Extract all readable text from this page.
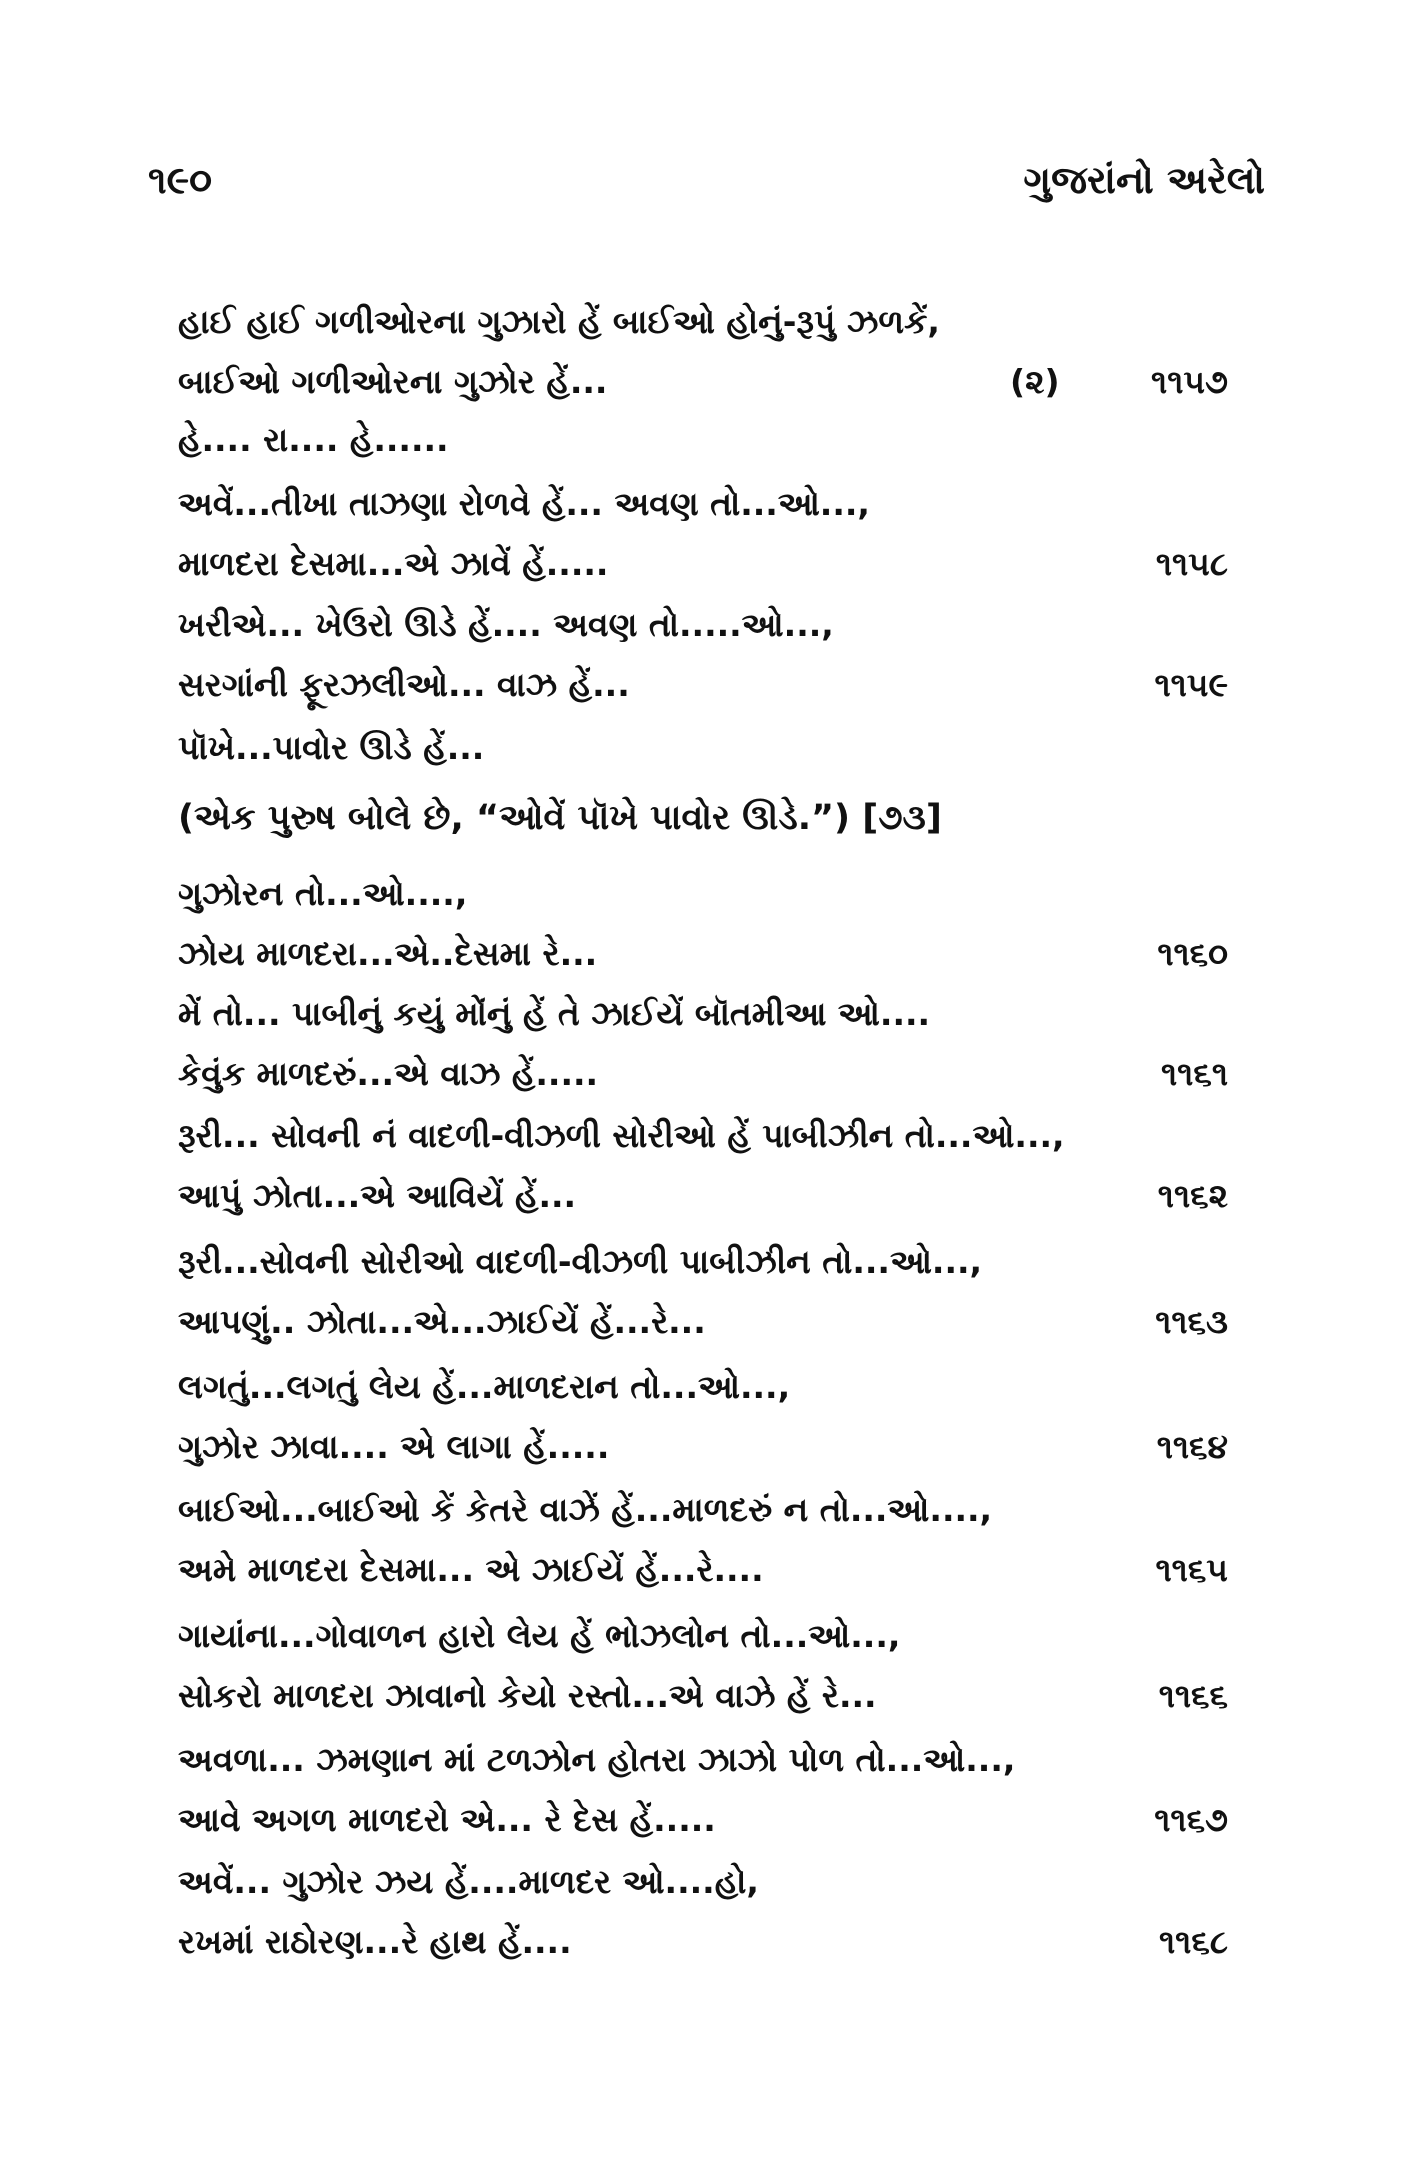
૧૯૦	ગુજરાંનો અરેલો
હાઈ હાઈ ગળીઓરના ગુઝારો હેં બાઈઓ હોનું-રૂપું ઝળકેં,
બાઈઓ ગળીઓરના ગુઝોર હેં...	(૨)	૧૧૫૭
હે.... રા.... હે......
અવેં...તીખા તાઝણા રોળવે હેં... અવણ તો...ઓ...,
માળદરા દેસમા...એ ઝાવેં હેં.....	૧૧૫૮
ખરીએ... ખેઉરો ઊડે હેં.... અવણ તો.....ઓ...,
સરગાંની ફૂરઝલીઓ... વાઝ હેં...	૧૧૫૯
પૉખે...પાવોર ઊડે હેં...
(એક પુરુષ બોલે છે, “ઓવેં પૉખે પાવોર ઊડે.”) [૭૩]
ગુઝોરન તો...ઓ....,
ઝોય માળદરા...એ..દેસમા રે...	૧૧૬૦
મેં તો... પાબીનું કયું મોંનું હેં તે ઝાઈયેં બૉતમીઆ ઓ....
કેવુંક માળદરું...એ વાઝ હેં.....	૧૧૬૧
રૂરી... સોવની નં વાદળી-વીઝળી સોરીઓ હેં પાબીઝીન તો...ઓ...,
આપું ઝોતા...એ આવિયેં હેં...	૧૧૬૨
રૂરી...સોવની સોરીઓ વાદળી-વીઝળી પાબીઝીન તો...ઓ...,
આપણું.. ઝોતા...એ...ઝાઈયેં હેં...રે...	૧૧૬૩
લગતું...લગતું લેય હેં...માળદરાન તો...ઓ...,
ગુઝોર ઝાવા.... એ લાગા હેં.....	૧૧૬૪
બાઈઓ...બાઈઓ કેં કેતરે વાઝેં હેં...માળદરું ન તો...ઓ....,
અમે માળદરા દેસમા... એ ઝાઈયેં હેં...રે....	૧૧૬૫
ગાયાંના...ગોવાળન હારો લેય હેં ભોઝલોન તો...ઓ...,
સોકરો માળદરા ઝાવાનો કેયો રસ્તો...એ વાઝે હેં રે...	૧૧૬૬
અવળા... ઝમણાન માં ટળઝોન હોતરા ઝાઝો પોળ તો...ઓ...,
આવે અગળ માળદરો એ... રે દેસ હેં.....	૧૧૬૭
અવેં... ગુઝોર ઝય હેં....માળદર ઓ....હો,
રખમાં રાઠોરણ...રે હાથ હેં....	૧૧૬૮
